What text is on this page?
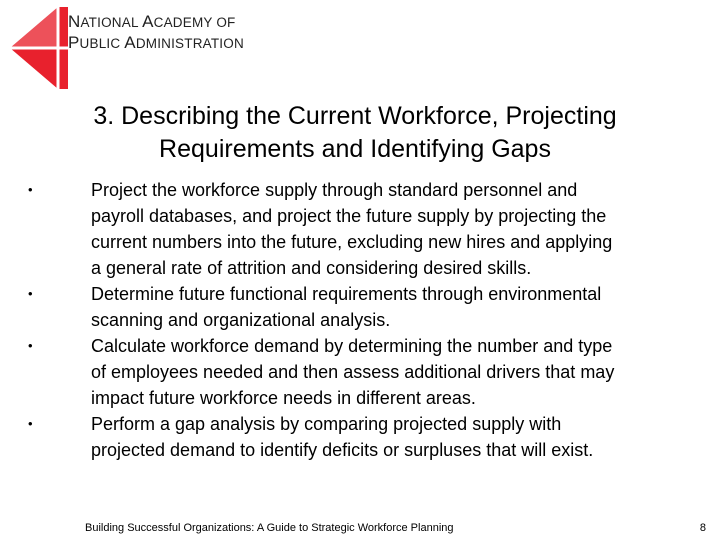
NATIONAL ACADEMY OF
PUBLIC ADMINISTRATION
3. Describing the Current Workforce, Projecting
Requirements and Identifying Gaps
•	Project the workforce supply through standard personnel and
payroll databases, and project the future supply by projecting the
current numbers into the future, excluding new hires and applying
a general rate of attrition and considering desired skills.
•	Determine future functional requirements through environmental
scanning and organizational analysis.
•	Calculate workforce demand by determining the number and type
of employees needed and then assess additional drivers that may
impact future workforce needs in different areas.
•	Perform a gap analysis by comparing projected supply with
projected demand to identify deficits or surpluses that will exist.
Building Successful Organizations: A Guide to Strategic Workforce Planning	8
